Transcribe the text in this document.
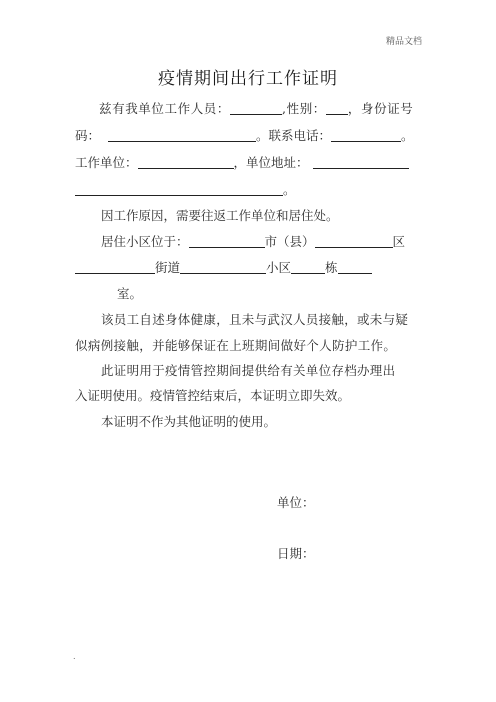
精品文档
疫情期间出行工作证明
兹有我单位工作人员：	,性别： ，身份证号
码：	。联系电话：	。
工作单位：	，单位地址：
。
因工作原因，需要往返工作单位和居住处。
居住小区位于：	市（县）	区
街道	小区	栋
室。
该员工自述身体健康，且未与武汉人员接触，或未与疑
似病例接触，并能够保证在上班期间做好个人防护工作。
此证明用于疫情管控期间提供给有关单位存档办理出
入证明使用。疫情管控结束后，本证明立即失效。
本证明不作为其他证明的使用。
单位：
日期：
.
